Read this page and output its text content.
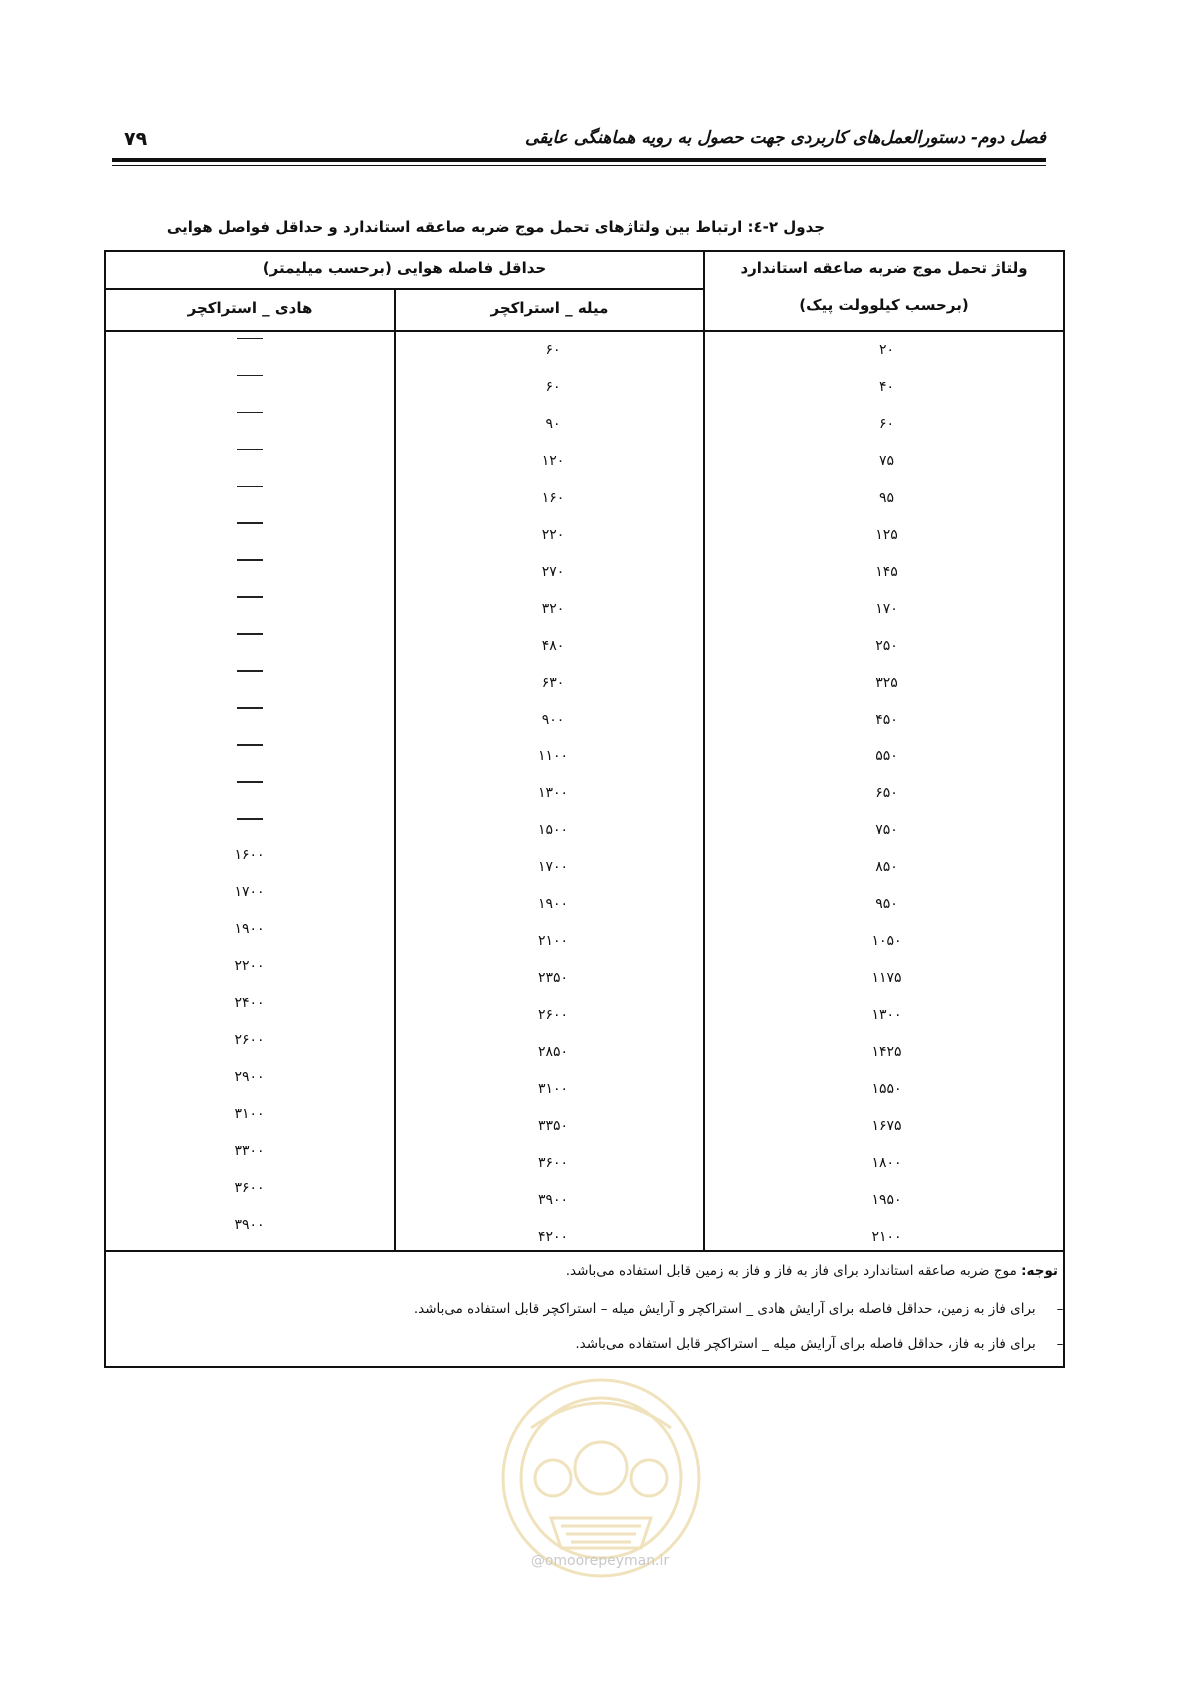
فصل دوم- دستورالعمل‌های کاربردی جهت حصول به رویه هماهنگی عایقی
۷۹
جدول ۲-٤: ارتباط بین ولتاژهای تحمل موج ضربه صاعقه استاندارد و حداقل فواصل هوایی
ولتاژ تحمل موج ضربه صاعقه استاندارد
(برحسب کیلوولت پیک)
حداقل فاصله هوایی (برحسب میلیمتر)
میله _ استراکچر
هادی _ استراکچر
۲۰
۴۰
۶۰
۷۵
۹۵
۱۲۵
۱۴۵
۱۷۰
۲۵۰
۳۲۵
۴۵۰
۵۵۰
۶۵۰
۷۵۰
۸۵۰
۹۵۰
۱۰۵۰
۱۱۷۵
۱۳۰۰
۱۴۲۵
۱۵۵۰
۱۶۷۵
۱۸۰۰
۱۹۵۰
۲۱۰۰
۶۰
۶۰
۹۰
۱۲۰
۱۶۰
۲۲۰
۲۷۰
۳۲۰
۴۸۰
۶۳۰
۹۰۰
۱۱۰۰
۱۳۰۰
۱۵۰۰
۱۷۰۰
۱۹۰۰
۲۱۰۰
۲۳۵۰
۲۶۰۰
۲۸۵۰
۳۱۰۰
۳۳۵۰
۳۶۰۰
۳۹۰۰
۴۲۰۰
۱۶۰۰
۱۷۰۰
۱۹۰۰
۲۲۰۰
۲۴۰۰
۲۶۰۰
۲۹۰۰
۳۱۰۰
۳۳۰۰
۳۶۰۰
۳۹۰۰
توجه: موج ضربه صاعقه استاندارد برای فاز به فاز و فاز به زمین قابل استفاده می‌باشد.
– برای فاز به زمین، حداقل فاصله برای آرایش هادی _ استراکچر و آرایش میله – استراکچر قابل استفاده می‌باشد.
– برای فاز به فاز، حداقل فاصله برای آرایش میله _ استراکچر قابل استفاده می‌باشد.
@omoorepeyman.ir
